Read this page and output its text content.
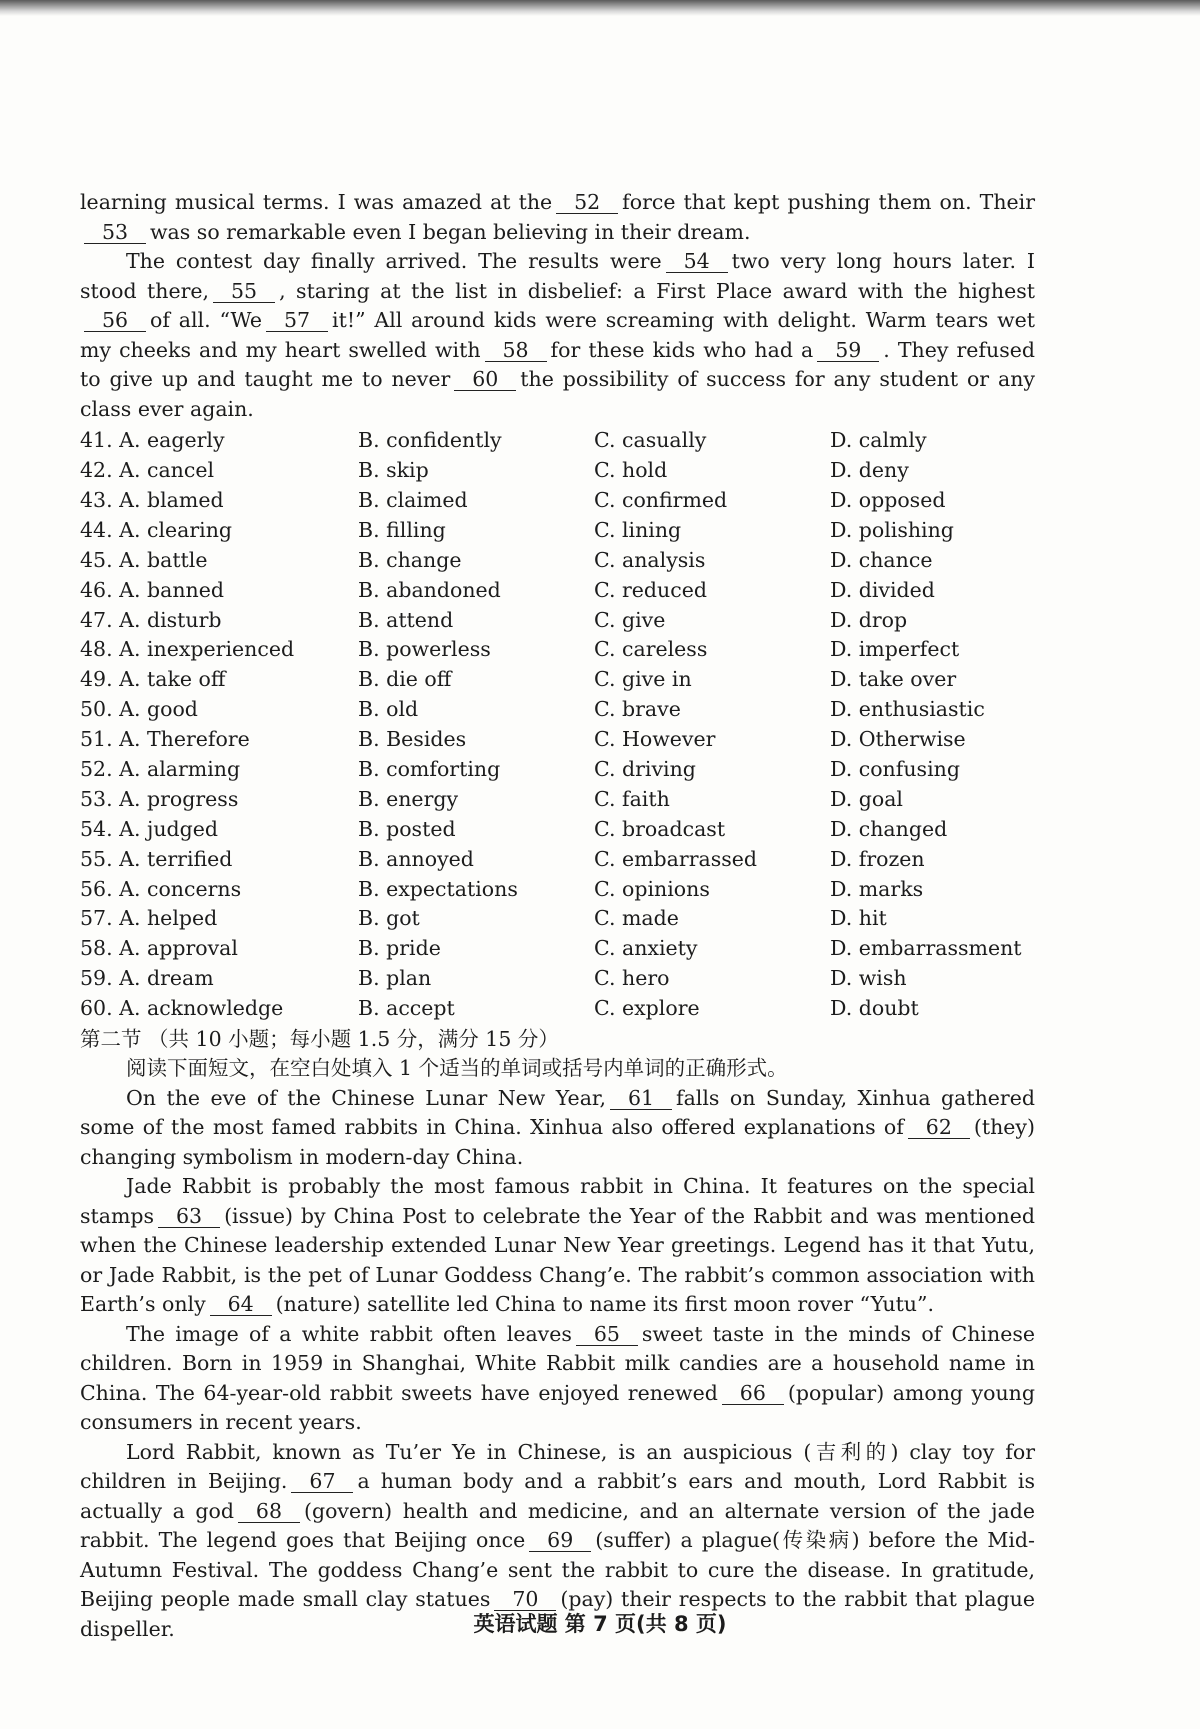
learning musical terms. I was amazed at the 52 force that kept pushing them on. Their 53 was so remarkable even I began believing in their dream.

The contest day finally arrived. The results were 54 two very long hours later. I stood there, 55 , staring at the list in disbelief: a First Place award with the highest 56 of all. “We 57 it!” All around kids were screaming with delight. Warm tears wet my cheeks and my heart swelled with 58 for these kids who had a 59 . They refused to give up and taught me to never 60 the possibility of success for any student or any class ever again.

41. A. eagerly	B. confidently	C. casually	D. calmly
42. A. cancel	B. skip	C. hold	D. deny
43. A. blamed	B. claimed	C. confirmed	D. opposed
44. A. clearing	B. filling	C. lining	D. polishing
45. A. battle	B. change	C. analysis	D. chance
46. A. banned	B. abandoned	C. reduced	D. divided
47. A. disturb	B. attend	C. give	D. drop
48. A. inexperienced	B. powerless	C. careless	D. imperfect
49. A. take off	B. die off	C. give in	D. take over
50. A. good	B. old	C. brave	D. enthusiastic
51. A. Therefore	B. Besides	C. However	D. Otherwise
52. A. alarming	B. comforting	C. driving	D. confusing
53. A. progress	B. energy	C. faith	D. goal
54. A. judged	B. posted	C. broadcast	D. changed
55. A. terrified	B. annoyed	C. embarrassed	D. frozen
56. A. concerns	B. expectations	C. opinions	D. marks
57. A. helped	B. got	C. made	D. hit
58. A. approval	B. pride	C. anxiety	D. embarrassment
59. A. dream	B. plan	C. hero	D. wish
60. A. acknowledge	B. accept	C. explore	D. doubt

第二节 （共 10 小题；每小题 1.5 分，满分 15 分）

阅读下面短文，在空白处填入 1 个适当的单词或括号内单词的正确形式。

On the eve of the Chinese Lunar New Year, 61 falls on Sunday, Xinhua gathered some of the most famed rabbits in China. Xinhua also offered explanations of 62 (they) changing symbolism in modern-day China.

Jade Rabbit is probably the most famous rabbit in China. It features on the special stamps 63 (issue) by China Post to celebrate the Year of the Rabbit and was mentioned when the Chinese leadership extended Lunar New Year greetings. Legend has it that Yutu, or Jade Rabbit, is the pet of Lunar Goddess Chang’e. The rabbit’s common association with Earth’s only 64 (nature) satellite led China to name its first moon rover “Yutu”.

The image of a white rabbit often leaves 65 sweet taste in the minds of Chinese children. Born in 1959 in Shanghai, White Rabbit milk candies are a household name in China. The 64-year-old rabbit sweets have enjoyed renewed 66 (popular) among young consumers in recent years.

Lord Rabbit, known as Tu’er Ye in Chinese, is an auspicious (吉利的) clay toy for children in Beijing. 67 a human body and a rabbit’s ears and mouth, Lord Rabbit is actually a god 68 (govern) health and medicine, and an alternate version of the jade rabbit. The legend goes that Beijing once 69 (suffer) a plague(传染病) before the Mid-Autumn Festival. The goddess Chang’e sent the rabbit to cure the disease. In gratitude, Beijing people made small clay statues 70 (pay) their respects to the rabbit that plague dispeller.	英语试题 第 7 页(共 8 页)
